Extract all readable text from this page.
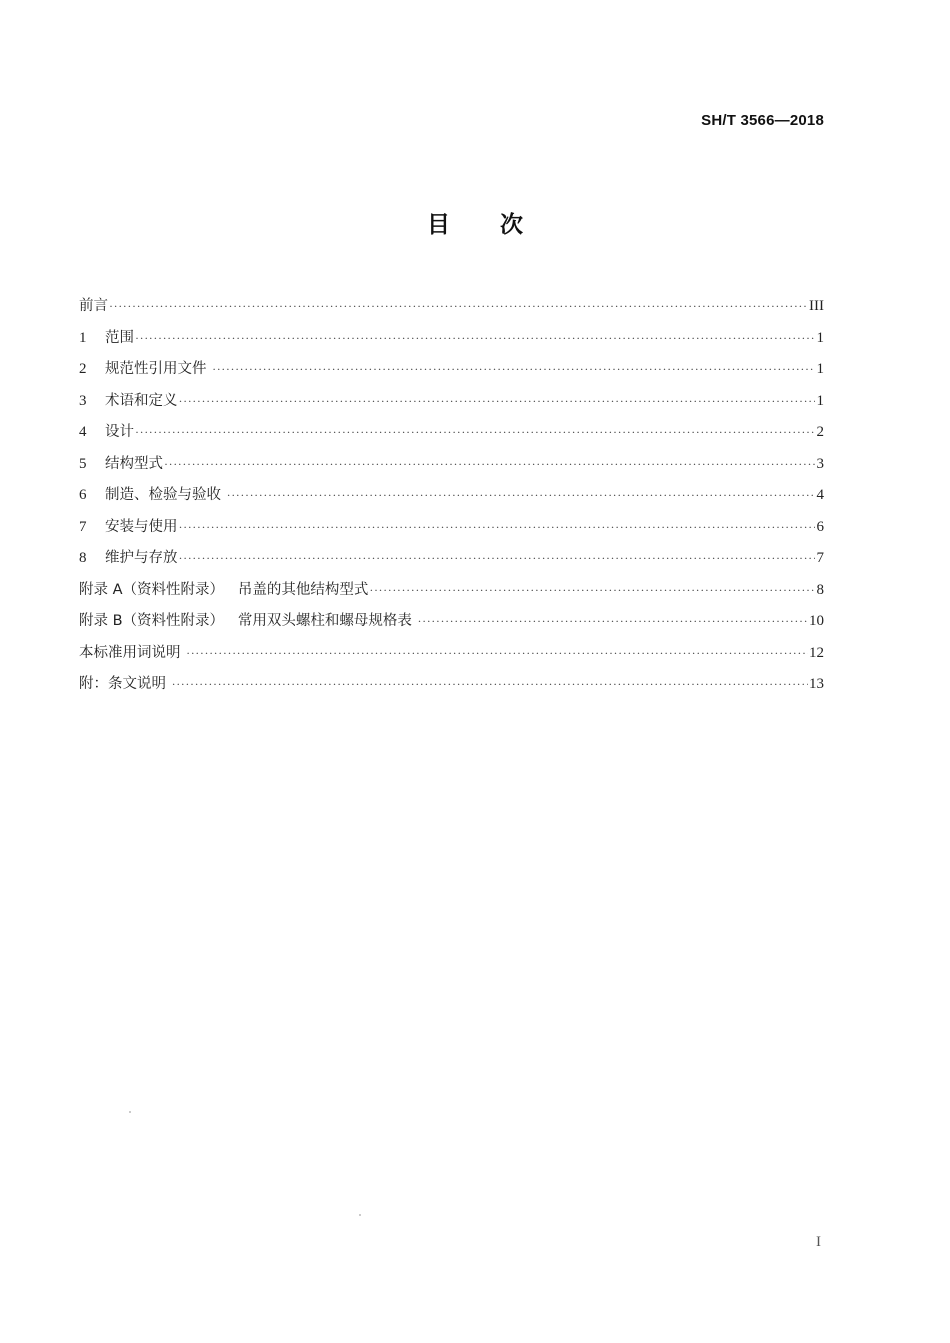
SH/T 3566—2018
目 次
前言 ·····	III
1	范围 ·····	1
2	规范性引用文件 ·····	1
3	术语和定义 ·····	1
4	设计 ·····	2
5	结构型式 ·····	3
6	制造、检验与验收 ·····	4
7	安装与使用 ·····	6
8	维护与存放 ·····	7
附录 A（资料性附录）   吊盖的其他结构型式 ·····	8
附录 B（资料性附录）   常用双头螺柱和螺母规格表 ·····	10
本标准用词说明 ·····	12
附：条文说明 ·····	13
I
